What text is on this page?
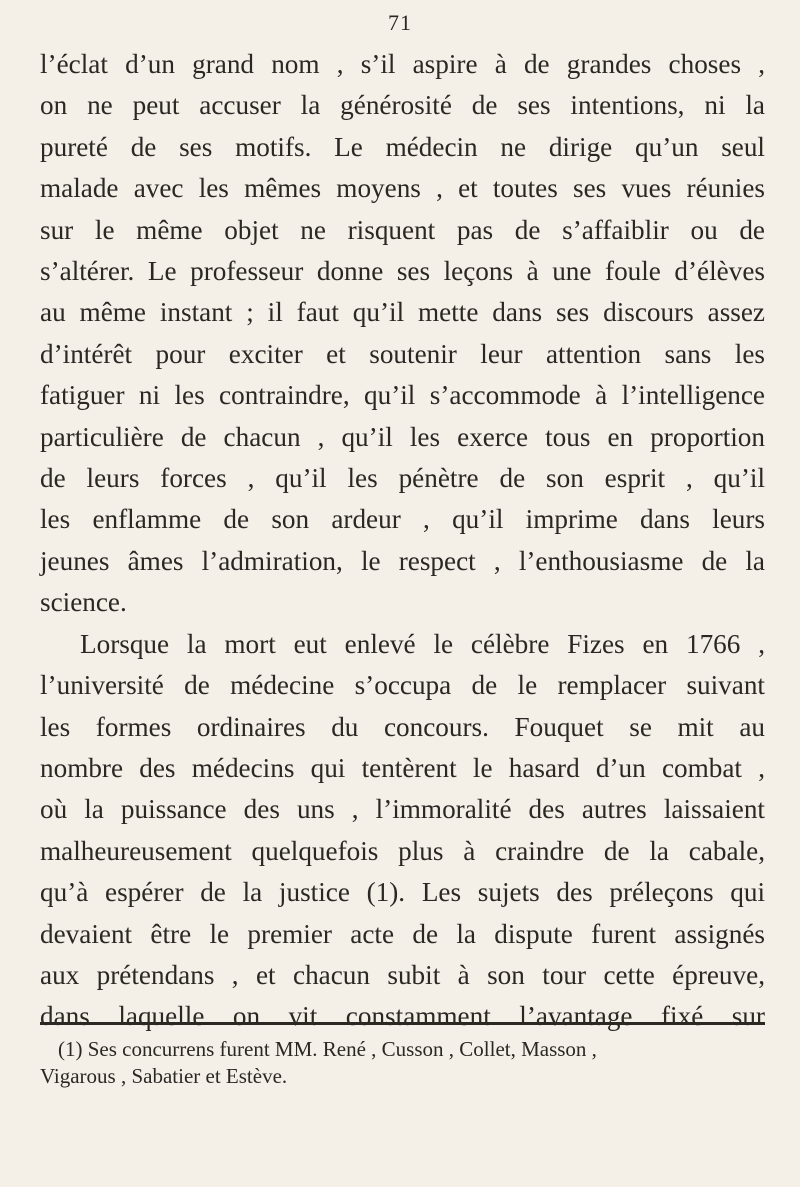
71
l’éclat d’un grand nom , s’il aspire à de grandes choses ,
on ne peut accuser la générosité de ses intentions, ni la
pureté de ses motifs. Le médecin ne dirige qu’un seul
malade avec les mêmes moyens , et toutes ses vues réunies
sur le même objet ne risquent pas de s’affaiblir ou de
s’altérer. Le professeur donne ses leçons à une foule d’élèves
au même instant ; il faut qu’il mette dans ses discours assez
d’intérêt pour exciter et soutenir leur attention sans les
fatiguer ni les contraindre, qu’il s’accommode à l’intelligence
particulière de chacun , qu’il les exerce tous en proportion
de leurs forces , qu’il les pénètre de son esprit , qu’il
les enflamme de son ardeur , qu’il imprime dans leurs
jeunes âmes l’admiration, le respect , l’enthousiasme de la
science.
Lorsque la mort eut enlevé le célèbre Fizes en 1766 ,
l’université de médecine s’occupa de le remplacer suivant
les formes ordinaires du concours. Fouquet se mit au
nombre des médecins qui tentèrent le hasard d’un combat ,
où la puissance des uns , l’immoralité des autres laissaient
malheureusement quelquefois plus à craindre de la cabale,
qu’à espérer de la justice (1). Les sujets des préleçons qui
devaient être le premier acte de la dispute furent assignés
aux prétendans , et chacun subit à son tour cette épreuve,
dans laquelle on vit constamment l’avantage fixé sur
(1) Ses concurrens furent MM. René , Cusson , Collet, Masson ,
Vigarous , Sabatier et Estève.
